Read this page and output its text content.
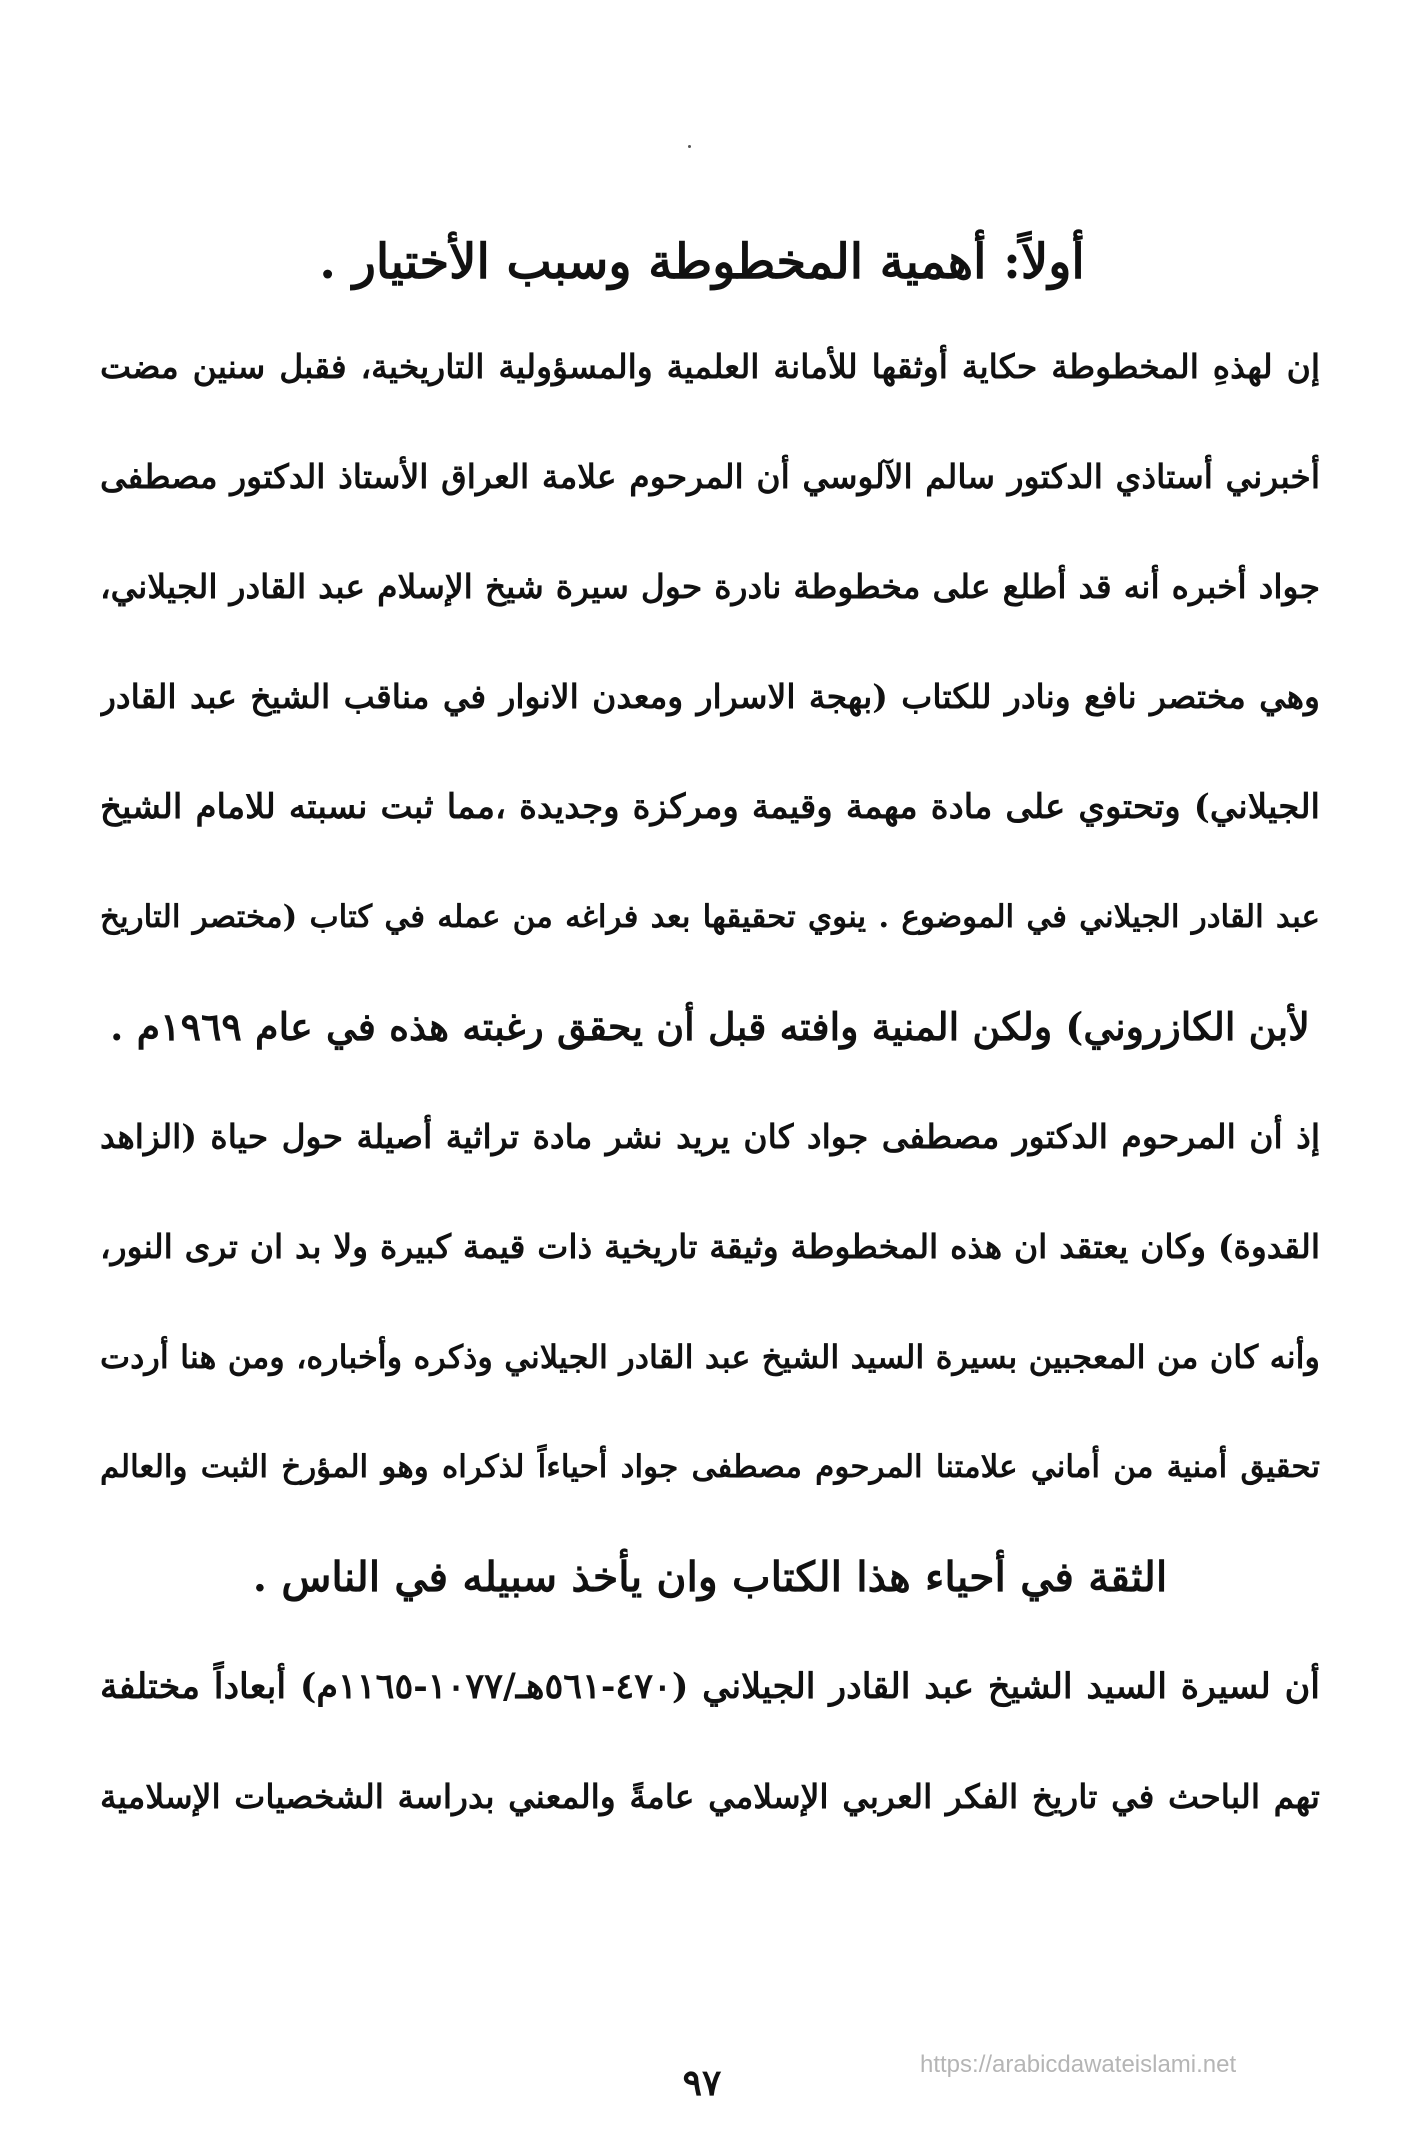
أولاً: أهمية المخطوطة وسبب الأختيار .
إن لهذهِ المخطوطة حكاية أوثقها للأمانة العلمية والمسؤولية التاريخية، فقبل سنين مضت
أخبرني أستاذي الدكتور سالم الآلوسي أن المرحوم علامة العراق الأستاذ الدكتور مصطفى
جواد أخبره أنه قد أطلع على مخطوطة نادرة حول سيرة شيخ الإسلام عبد القادر الجيلاني،
وهي مختصر نافع ونادر للكتاب (بهجة الاسرار ومعدن الانوار في مناقب الشيخ عبد القادر
الجيلاني) وتحتوي على مادة مهمة وقيمة ومركزة وجديدة ،مما ثبت نسبته للامام الشيخ
عبد القادر الجيلاني في الموضوع . ينوي تحقيقها بعد فراغه من عمله في كتاب (مختصر التاريخ
لأبن الكازروني) ولكن المنية وافته قبل أن يحقق رغبته هذه في عام ١٩٦٩م .
إذ أن المرحوم الدكتور مصطفى جواد كان يريد نشر مادة تراثية أصيلة حول حياة (الزاهد
القدوة) وكان يعتقد ان هذه المخطوطة وثيقة تاريخية ذات قيمة كبيرة ولا بد ان ترى النور،
وأنه كان من المعجبين بسيرة السيد الشيخ عبد القادر الجيلاني وذكره وأخباره، ومن هنا أردت
تحقيق أمنية من أماني علامتنا المرحوم مصطفى جواد أحياءاً لذكراه وهو المؤرخ الثبت والعالم
الثقة في أحياء هذا الكتاب وان يأخذ سبيله في الناس .
أن لسيرة السيد الشيخ عبد القادر الجيلاني (٤٧٠-٥٦١هـ/١٠٧٧-١١٦٥م) أبعاداً مختلفة
تهم الباحث في تاريخ الفكر العربي الإسلامي عامةً والمعني بدراسة الشخصيات الإسلامية
٩٧	https://arabicdawateislami.net
